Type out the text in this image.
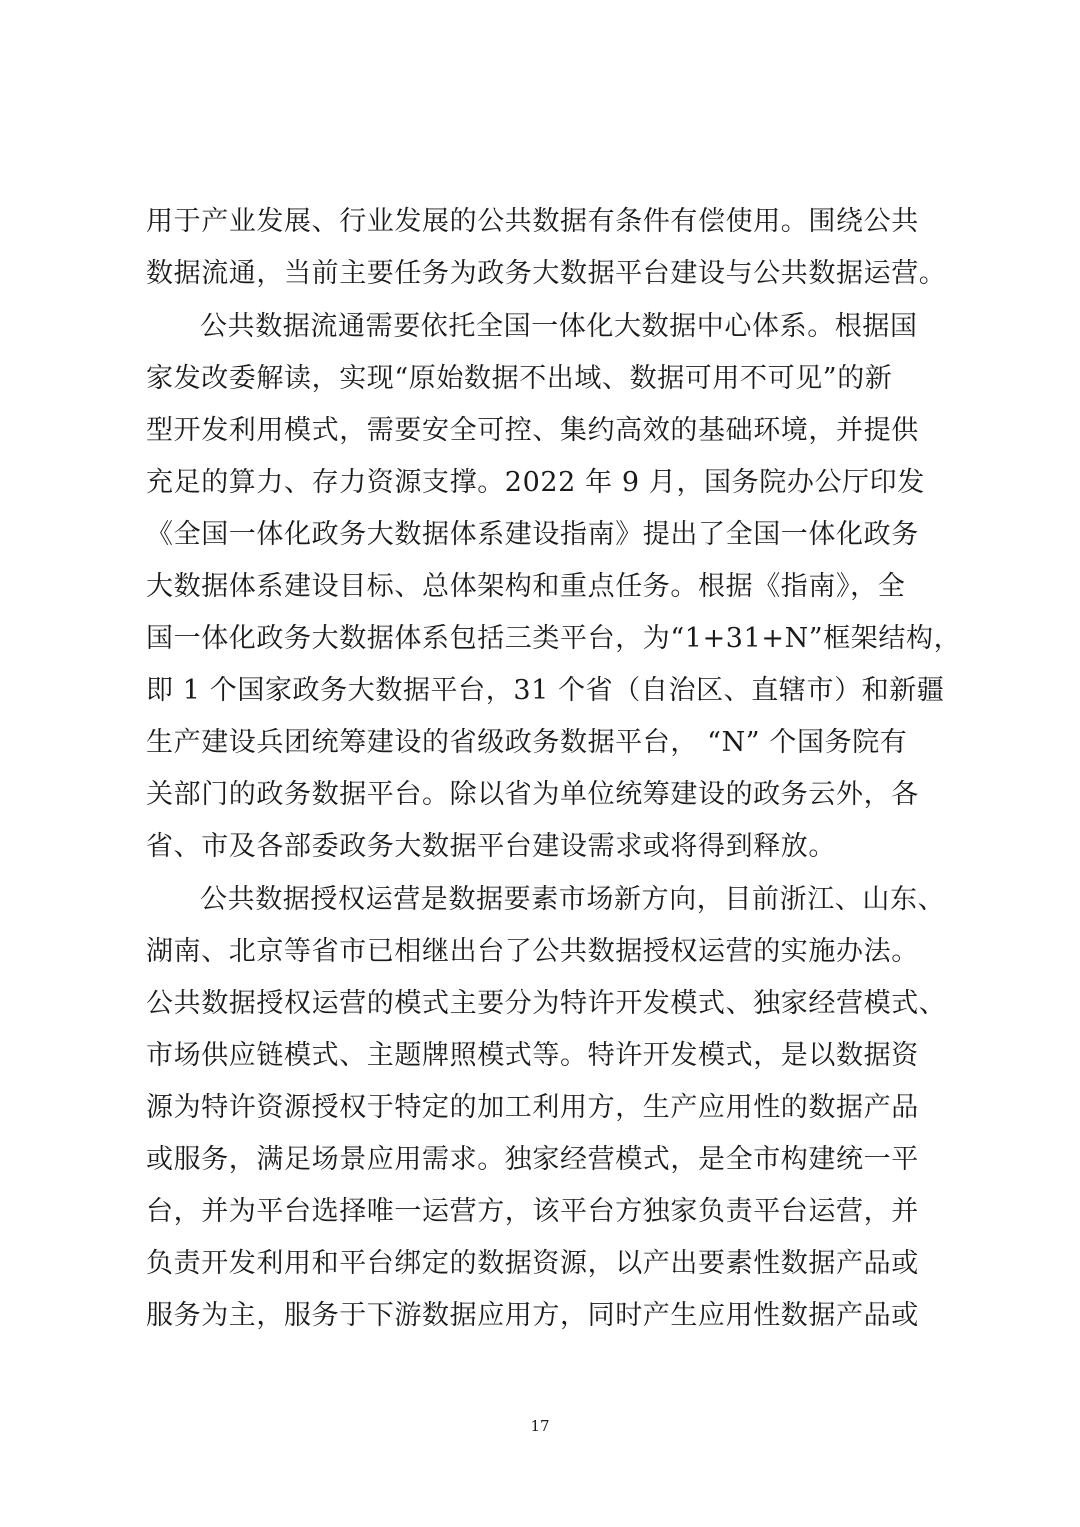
用于产业发展、行业发展的公共数据有条件有偿使用。围绕公共
数据流通，当前主要任务为政务大数据平台建设与公共数据运营。
公共数据流通需要依托全国一体化大数据中心体系。根据国
家发改委解读，实现“原始数据不出域、数据可用不可见”的新
型开发利用模式，需要安全可控、集约高效的基础环境，并提供
充足的算力、存力资源支撑。2022 年 9 月，国务院办公厅印发
《全国一体化政务大数据体系建设指南》提出了全国一体化政务
大数据体系建设目标、总体架构和重点任务。根据《指南》，全
国一体化政务大数据体系包括三类平台，为“1+31+N”框架结构，
即 1 个国家政务大数据平台，31 个省（自治区、直辖市）和新疆
生产建设兵团统筹建设的省级政务数据平台， “N” 个国务院有
关部门的政务数据平台。除以省为单位统筹建设的政务云外，各
省、市及各部委政务大数据平台建设需求或将得到释放。
公共数据授权运营是数据要素市场新方向，目前浙江、山东、
湖南、北京等省市已相继出台了公共数据授权运营的实施办法。
公共数据授权运营的模式主要分为特许开发模式、独家经营模式、
市场供应链模式、主题牌照模式等。特许开发模式，是以数据资
源为特许资源授权于特定的加工利用方，生产应用性的数据产品
或服务，满足场景应用需求。独家经营模式，是全市构建统一平
台，并为平台选择唯一运营方，该平台方独家负责平台运营，并
负责开发利用和平台绑定的数据资源，以产出要素性数据产品或
服务为主，服务于下游数据应用方，同时产生应用性数据产品或
17
